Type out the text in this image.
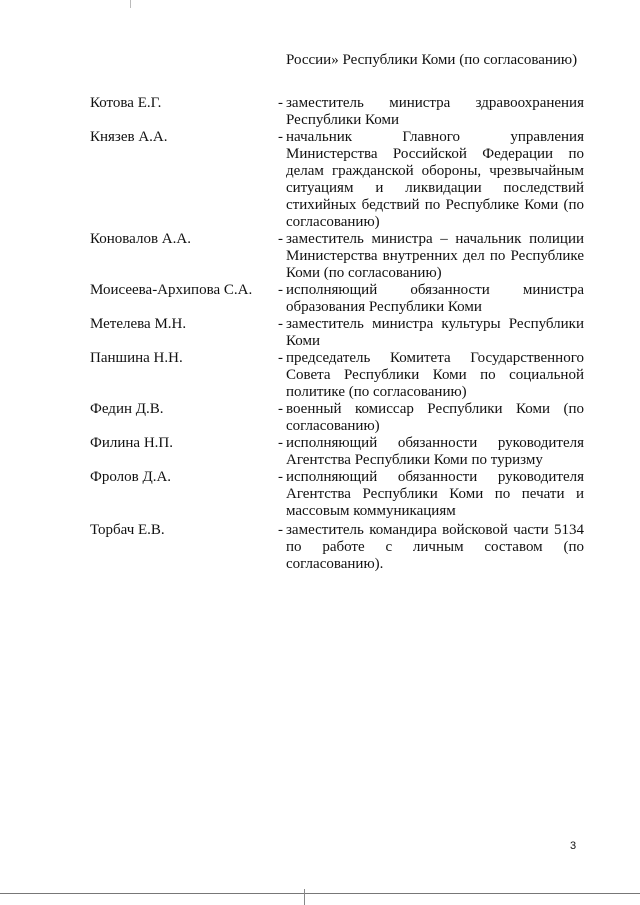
России» Республики Коми (по согласованию)

Котова Е.Г.	- заместитель министра здравоохранения Республики Коми

Князев А.А.	- начальник Главного управления Министерства Российской Федерации по делам гражданской обороны, чрезвычайным ситуациям и ликвидации последствий стихийных бедствий по Республике Коми (по согласованию)

Коновалов А.А.	- заместитель министра – начальник полиции Министерства внутренних дел по Республике Коми (по согласованию)

Моисеева-Архипова С.А.	- исполняющий обязанности министра образования Республики Коми

Метелева М.Н.	- заместитель министра культуры Республики Коми

Паншина Н.Н.	- председатель Комитета Государственного Совета Республики Коми по социальной политике (по согласованию)

Федин Д.В.	- военный комиссар Республики Коми (по согласованию)

Филина Н.П.	- исполняющий обязанности руководителя Агентства Республики Коми по туризму

Фролов Д.А.	- исполняющий обязанности руководителя Агентства Республики Коми по печати и массовым коммуникациям

Торбач Е.В.	- заместитель командира войсковой части 5134 по работе с личным составом (по согласованию).

3
